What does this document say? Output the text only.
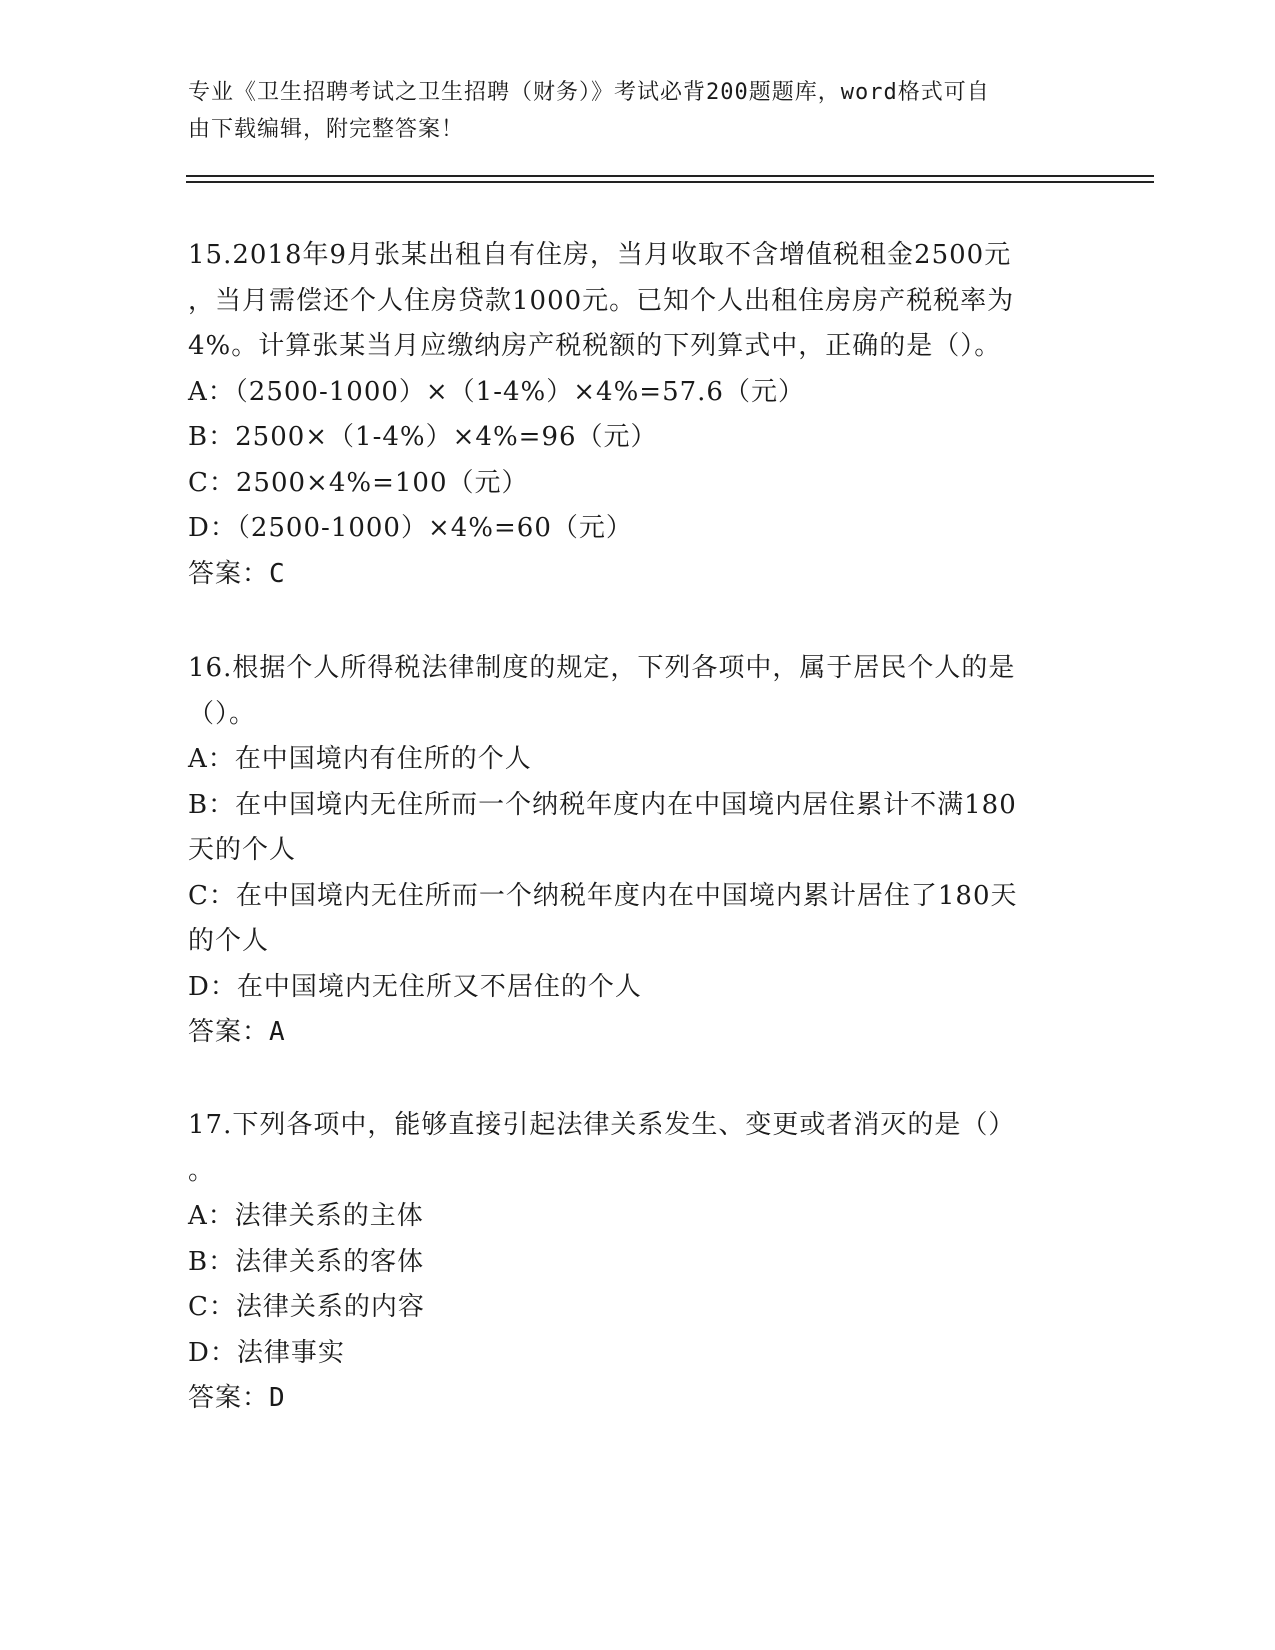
专业《卫生招聘考试之卫生招聘（财务）》考试必背200题题库，word格式可自
由下载编辑，附完整答案！
15.2018年9月张某出租自有住房，当月收取不含增值税租金2500元
，当月需偿还个人住房贷款1000元。已知个人出租住房房产税税率为
4%。计算张某当月应缴纳房产税税额的下列算式中，正确的是（）。
A：（2500-1000）×（1-4%）×4%=57.6（元）
B：2500×（1-4%）×4%=96（元）
C：2500×4%=100（元）
D：（2500-1000）×4%=60（元）
答案：C
16.根据个人所得税法律制度的规定，下列各项中，属于居民个人的是
（）。
A：在中国境内有住所的个人
B：在中国境内无住所而一个纳税年度内在中国境内居住累计不满180
天的个人
C：在中国境内无住所而一个纳税年度内在中国境内累计居住了180天
的个人
D：在中国境内无住所又不居住的个人
答案：A
17.下列各项中，能够直接引起法律关系发生、变更或者消灭的是（）
。
A：法律关系的主体
B：法律关系的客体
C：法律关系的内容
D：法律事实
答案：D
